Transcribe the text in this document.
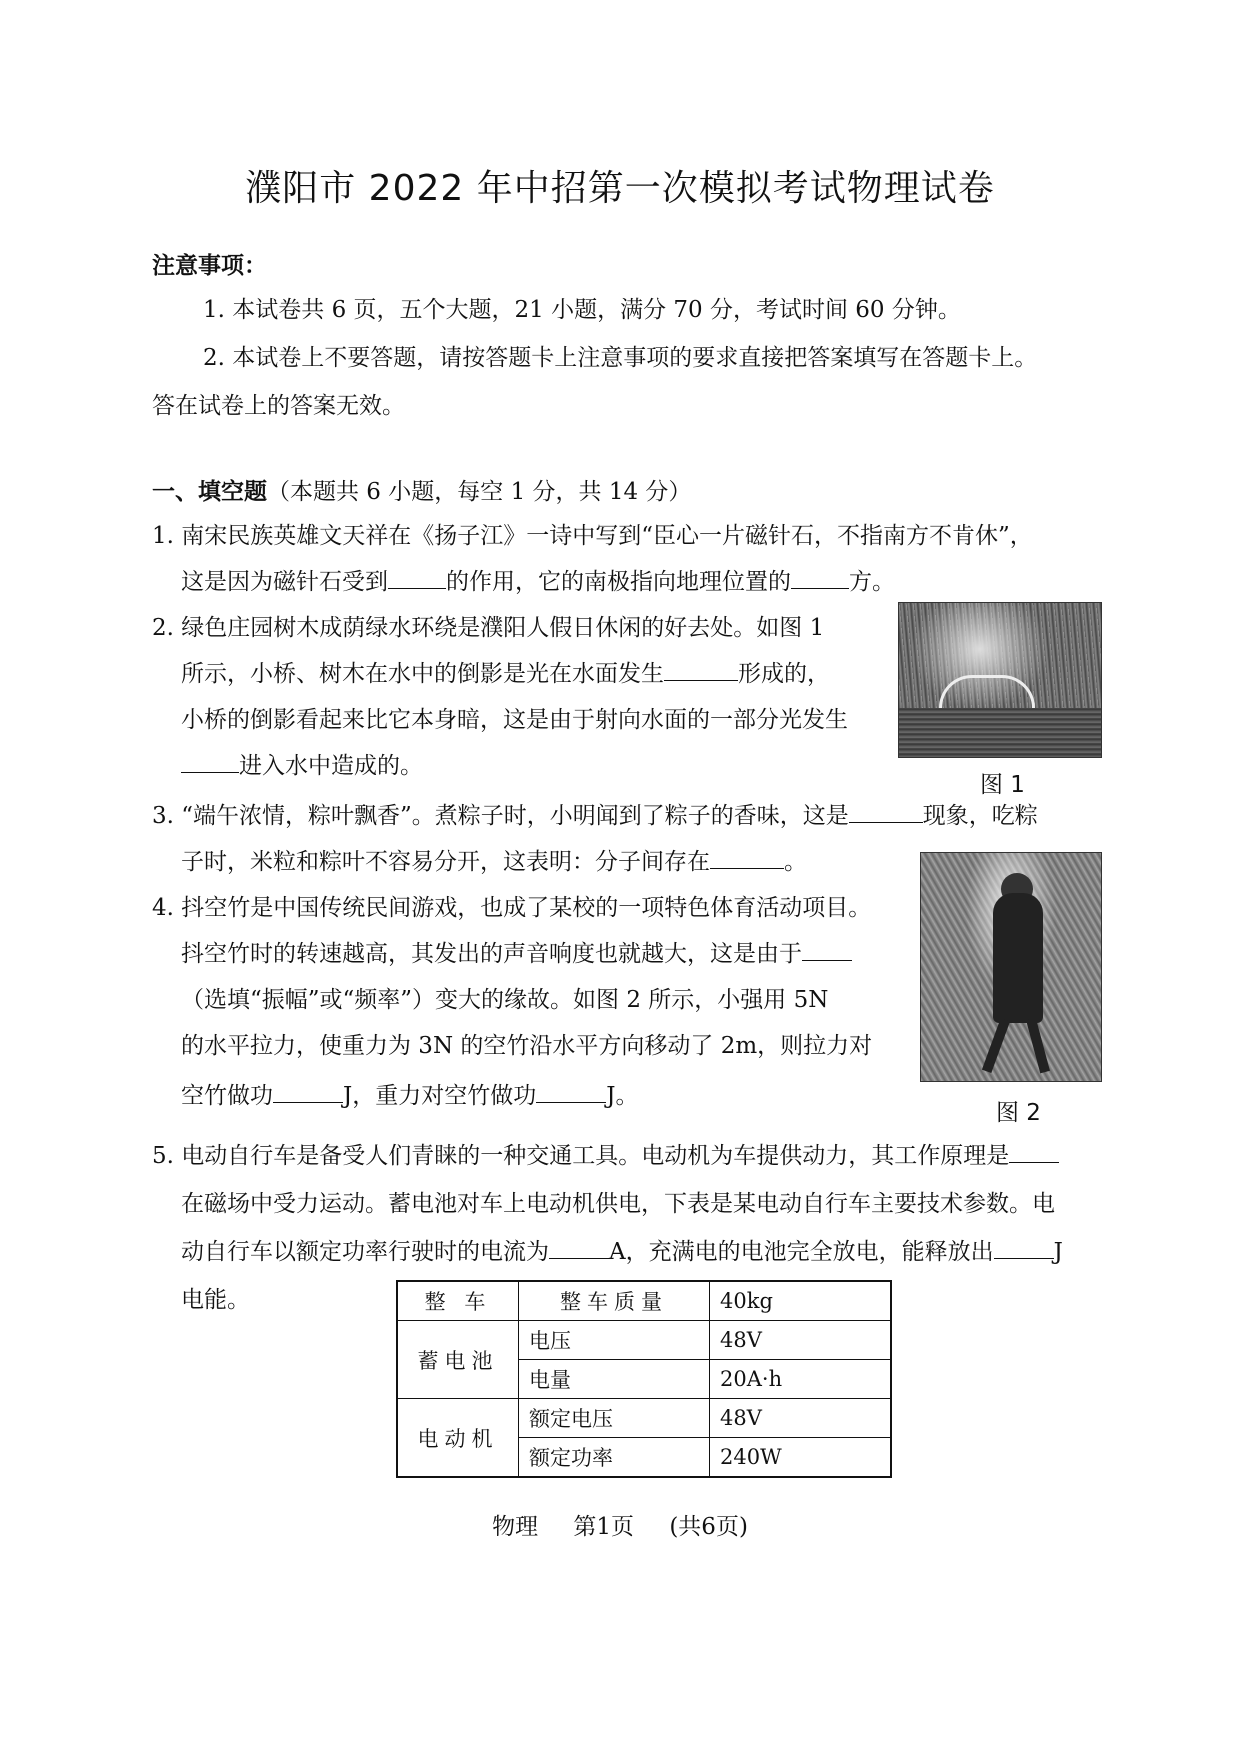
濮阳市 2022 年中招第一次模拟考试物理试卷
注意事项：
1. 本试卷共 6 页，五个大题，21 小题，满分 70 分，考试时间 60 分钟。
2. 本试卷上不要答题，请按答题卡上注意事项的要求直接把答案填写在答题卡上。
答在试卷上的答案无效。
一、填空题（本题共 6 小题，每空 1 分，共 14 分）
1. 南宋民族英雄文天祥在《扬子江》一诗中写到“臣心一片磁针石，不指南方不肯休”，
这是因为磁针石受到	的作用，它的南极指向地理位置的	方。
2. 绿色庄园树木成荫绿水环绕是濮阳人假日休闲的好去处。如图 1
所示，小桥、树木在水中的倒影是光在水面发生	形成的，
小桥的倒影看起来比它本身暗，这是由于射向水面的一部分光发生
进入水中造成的。
图 1
3. “端午浓情，粽叶飘香”。煮粽子时，小明闻到了粽子的香味，这是	现象，吃粽
子时，米粒和粽叶不容易分开，这表明：分子间存在	。
4. 抖空竹是中国传统民间游戏，也成了某校的一项特色体育活动项目。
抖空竹时的转速越高，其发出的声音响度也就越大，这是由于
（选填“振幅”或“频率”）变大的缘故。如图 2 所示，小强用 5N
的水平拉力，使重力为 3N 的空竹沿水平方向移动了 2m，则拉力对
空竹做功	J，重力对空竹做功	J。
图 2
5. 电动自行车是备受人们青睐的一种交通工具。电动机为车提供动力，其工作原理是
在磁场中受力运动。蓄电池对车上电动机供电，下表是某电动自行车主要技术参数。电
动自行车以额定功率行驶时的电流为	A，充满电的电池完全放电，能释放出	J
电能。	整 车	整车质量	40kg
蓄电池	电压	48V
	电量	20A·h
电动机	额定电压	48V
	额定功率	240W
物理 第1页 (共6页)
